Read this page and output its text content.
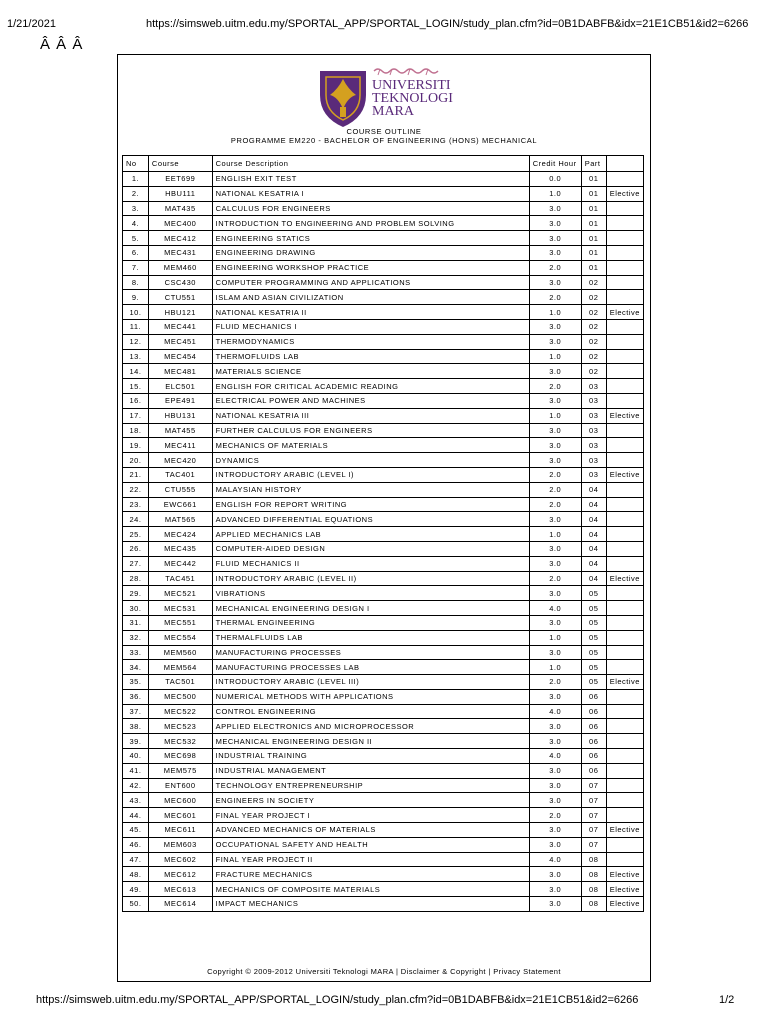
1/21/2021	https://simsweb.uitm.edu.my/SPORTAL_APP/SPORTAL_LOGIN/study_plan.cfm?id=0B1DABFB&idx=21E1CB51&id2=6266
Â Â Â
UNIVERSITI
TEKNOLOGI
MARA
COURSE OUTLINE
PROGRAMME EM220 - BACHELOR OF ENGINEERING (HONS) MECHANICAL
No	Course	Course Description	Credit Hour	Part	
1.	EET699	ENGLISH EXIT TEST	0.0	01	
2.	HBU111	NATIONAL KESATRIA I	1.0	01	Elective
3.	MAT435	CALCULUS FOR ENGINEERS	3.0	01	
4.	MEC400	INTRODUCTION TO ENGINEERING AND PROBLEM SOLVING	3.0	01	
5.	MEC412	ENGINEERING STATICS	3.0	01	
6.	MEC431	ENGINEERING DRAWING	3.0	01	
7.	MEM460	ENGINEERING WORKSHOP PRACTICE	2.0	01	
8.	CSC430	COMPUTER PROGRAMMING AND APPLICATIONS	3.0	02	
9.	CTU551	ISLAM AND ASIAN CIVILIZATION	2.0	02	
10.	HBU121	NATIONAL KESATRIA II	1.0	02	Elective
11.	MEC441	FLUID MECHANICS I	3.0	02	
12.	MEC451	THERMODYNAMICS	3.0	02	
13.	MEC454	THERMOFLUIDS LAB	1.0	02	
14.	MEC481	MATERIALS SCIENCE	3.0	02	
15.	ELC501	ENGLISH FOR CRITICAL ACADEMIC READING	2.0	03	
16.	EPE491	ELECTRICAL POWER AND MACHINES	3.0	03	
17.	HBU131	NATIONAL KESATRIA III	1.0	03	Elective
18.	MAT455	FURTHER CALCULUS FOR ENGINEERS	3.0	03	
19.	MEC411	MECHANICS OF MATERIALS	3.0	03	
20.	MEC420	DYNAMICS	3.0	03	
21.	TAC401	INTRODUCTORY ARABIC (LEVEL I)	2.0	03	Elective
22.	CTU555	MALAYSIAN HISTORY	2.0	04	
23.	EWC661	ENGLISH FOR REPORT WRITING	2.0	04	
24.	MAT565	ADVANCED DIFFERENTIAL EQUATIONS	3.0	04	
25.	MEC424	APPLIED MECHANICS LAB	1.0	04	
26.	MEC435	COMPUTER-AIDED DESIGN	3.0	04	
27.	MEC442	FLUID MECHANICS II	3.0	04	
28.	TAC451	INTRODUCTORY ARABIC (LEVEL II)	2.0	04	Elective
29.	MEC521	VIBRATIONS	3.0	05	
30.	MEC531	MECHANICAL ENGINEERING DESIGN I	4.0	05	
31.	MEC551	THERMAL ENGINEERING	3.0	05	
32.	MEC554	THERMALFLUIDS LAB	1.0	05	
33.	MEM560	MANUFACTURING PROCESSES	3.0	05	
34.	MEM564	MANUFACTURING PROCESSES LAB	1.0	05	
35.	TAC501	INTRODUCTORY ARABIC (LEVEL III)	2.0	05	Elective
36.	MEC500	NUMERICAL METHODS WITH APPLICATIONS	3.0	06	
37.	MEC522	CONTROL ENGINEERING	4.0	06	
38.	MEC523	APPLIED ELECTRONICS AND MICROPROCESSOR	3.0	06	
39.	MEC532	MECHANICAL ENGINEERING DESIGN II	3.0	06	
40.	MEC698	INDUSTRIAL TRAINING	4.0	06	
41.	MEM575	INDUSTRIAL MANAGEMENT	3.0	06	
42.	ENT600	TECHNOLOGY ENTREPRENEURSHIP	3.0	07	
43.	MEC600	ENGINEERS IN SOCIETY	3.0	07	
44.	MEC601	FINAL YEAR PROJECT I	2.0	07	
45.	MEC611	ADVANCED MECHANICS OF MATERIALS	3.0	07	Elective
46.	MEM603	OCCUPATIONAL SAFETY AND HEALTH	3.0	07	
47.	MEC602	FINAL YEAR PROJECT II	4.0	08	
48.	MEC612	FRACTURE MECHANICS	3.0	08	Elective
49.	MEC613	MECHANICS OF COMPOSITE MATERIALS	3.0	08	Elective
50.	MEC614	IMPACT MECHANICS	3.0	08	Elective
Copyright © 2009-2012 Universiti Teknologi MARA | Disclaimer & Copyright | Privacy Statement
https://simsweb.uitm.edu.my/SPORTAL_APP/SPORTAL_LOGIN/study_plan.cfm?id=0B1DABFB&idx=21E1CB51&id2=6266	1/2
